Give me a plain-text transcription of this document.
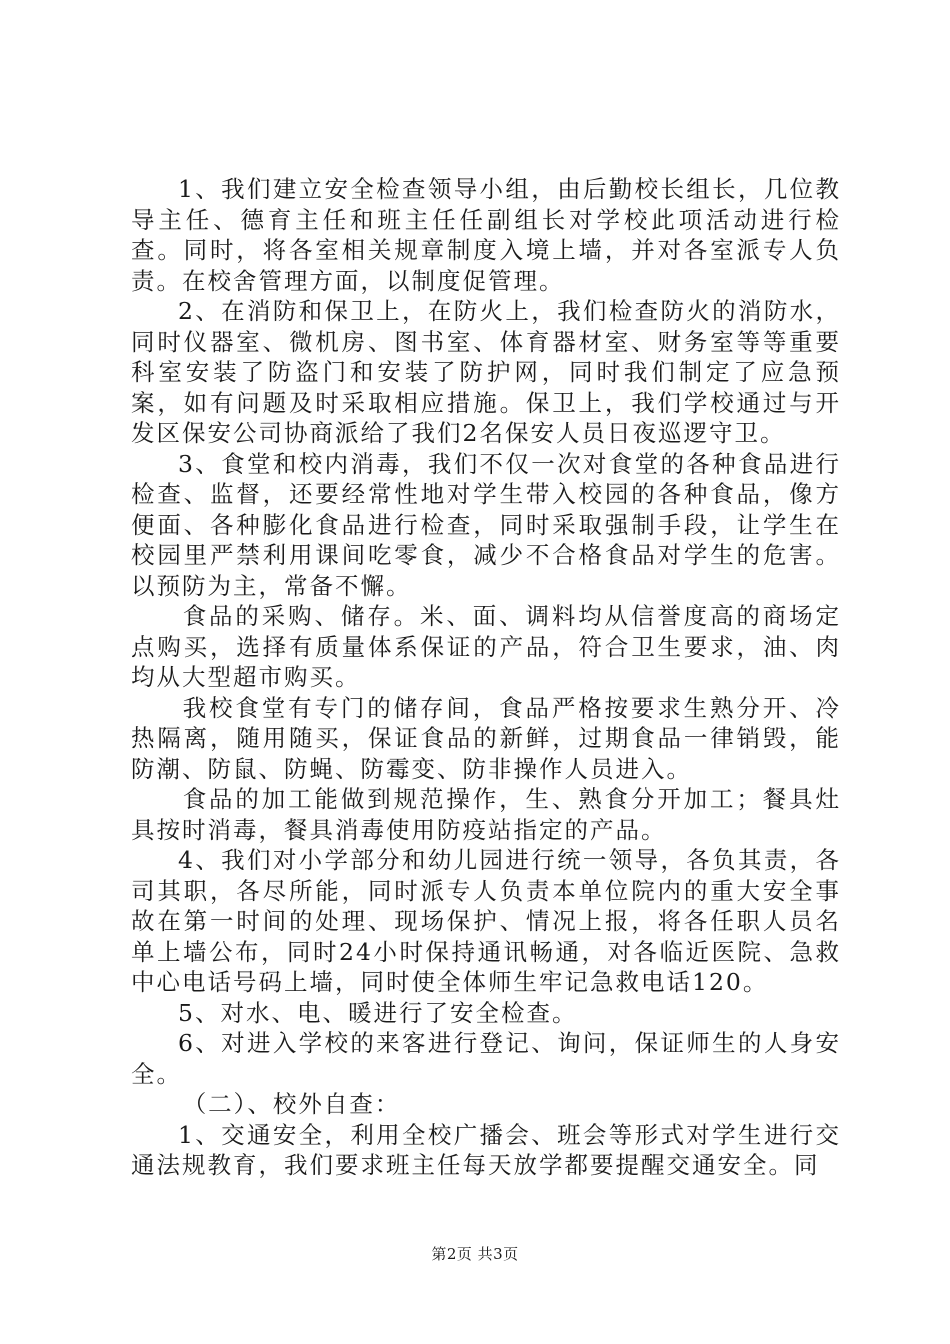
1、我们建立安全检查领导小组，由后勤校长组长，几位教导主任、德育主任和班主任任副组长对学校此项活动进行检查。同时，将各室相关规章制度入境上墙，并对各室派专人负责。在校舍管理方面，以制度促管理。

2、在消防和保卫上，在防火上，我们检查防火的消防水，同时仪器室、微机房、图书室、体育器材室、财务室等等重要科室安装了防盗门和安装了防护网，同时我们制定了应急预案，如有问题及时采取相应措施。保卫上，我们学校通过与开发区保安公司协商派给了我们2名保安人员日夜巡逻守卫。

3、食堂和校内消毒，我们不仅一次对食堂的各种食品进行检查、监督，还要经常性地对学生带入校园的各种食品，像方便面、各种膨化食品进行检查，同时采取强制手段，让学生在校园里严禁利用课间吃零食，减少不合格食品对学生的危害。以预防为主，常备不懈。

食品的采购、储存。米、面、调料均从信誉度高的商场定点购买，选择有质量体系保证的产品，符合卫生要求，油、肉均从大型超市购买。

我校食堂有专门的储存间，食品严格按要求生熟分开、冷热隔离，随用随买，保证食品的新鲜，过期食品一律销毁，能防潮、防鼠、防蝇、防霉变、防非操作人员进入。

食品的加工能做到规范操作，生、熟食分开加工；餐具灶具按时消毒，餐具消毒使用防疫站指定的产品。

4、我们对小学部分和幼儿园进行统一领导，各负其责，各司其职，各尽所能，同时派专人负责本单位院内的重大安全事故在第一时间的处理、现场保护、情况上报，将各任职人员名单上墙公布，同时24小时保持通讯畅通，对各临近医院、急救中心电话号码上墙，同时使全体师生牢记急救电话120。

5、对水、电、暖进行了安全检查。

6、对进入学校的来客进行登记、询问，保证师生的人身安全。

（二）、校外自查：

1、交通安全，利用全校广播会、班会等形式对学生进行交通法规教育，我们要求班主任每天放学都要提醒交通安全。同

第2页 共3页
